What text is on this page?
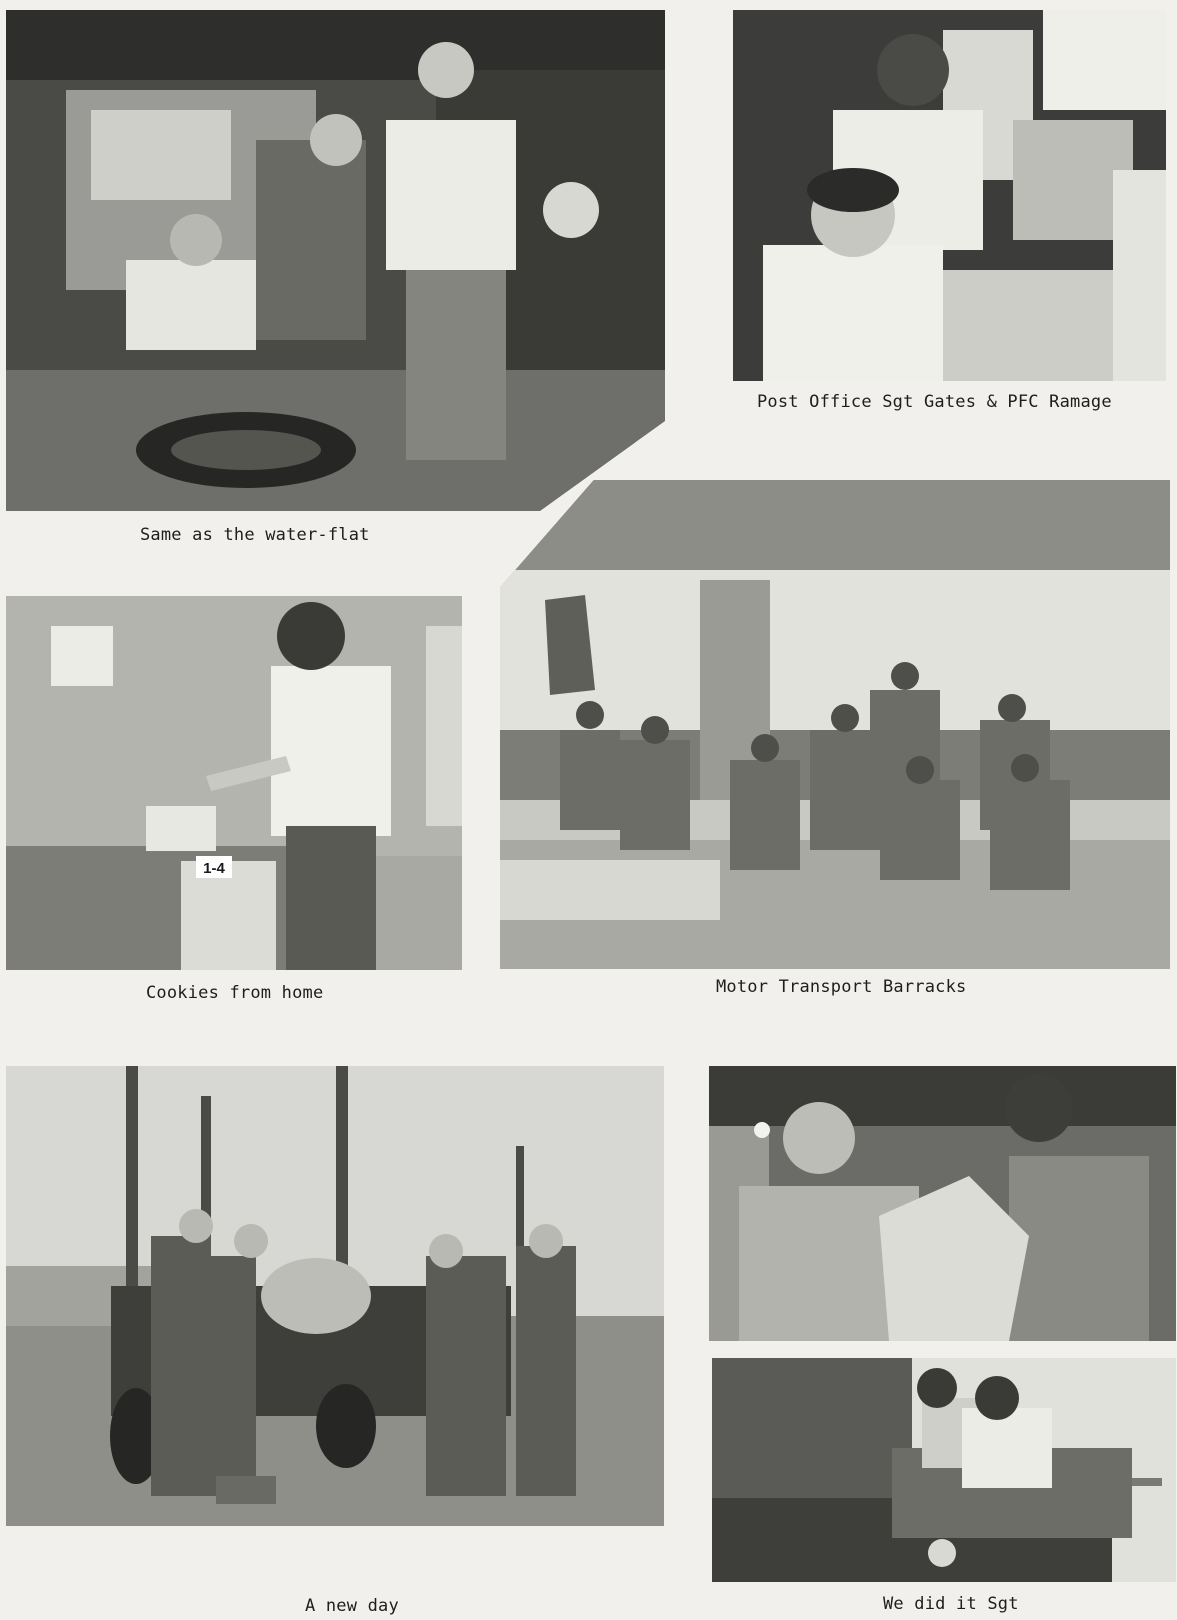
Same as the water-flat
Post Office Sgt Gates & PFC Ramage
Motor Transport Barracks
1-4
Cookies from home
A new day	We did it Sgt
